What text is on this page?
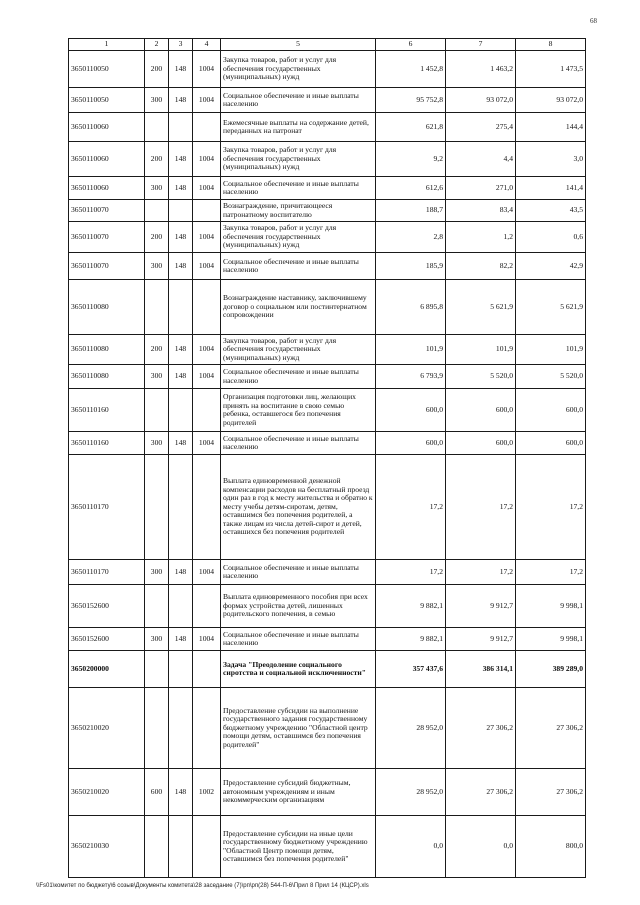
68
1	2	3	4	5	6	7	8
3650110050	200	148	1004	Закупка товаров, работ и услуг для обеспечения государственных (муниципальных) нужд	1 452,8	1 463,2	1 473,5
3650110050	300	148	1004	Социальное обеспечение и иные выплаты населению	95 752,8	93 072,0	93 072,0
3650110060				Ежемесячные выплаты на содержание детей, переданных на патронат	621,8	275,4	144,4
3650110060	200	148	1004	Закупка товаров, работ и услуг для обеспечения государственных (муниципальных) нужд	9,2	4,4	3,0
3650110060	300	148	1004	Социальное обеспечение и иные выплаты населению	612,6	271,0	141,4
3650110070				Вознаграждение, причитающееся патронатному воспитателю	188,7	83,4	43,5
3650110070	200	148	1004	Закупка товаров, работ и услуг для обеспечения государственных (муниципальных) нужд	2,8	1,2	0,6
3650110070	300	148	1004	Социальное обеспечение и иные выплаты населению	185,9	82,2	42,9
3650110080				Вознаграждение наставнику, заключившему договор о социальном или постинтернатном сопровождении	6 895,8	5 621,9	5 621,9
3650110080	200	148	1004	Закупка товаров, работ и услуг для обеспечения государственных (муниципальных) нужд	101,9	101,9	101,9
3650110080	300	148	1004	Социальное обеспечение и иные выплаты населению	6 793,9	5 520,0	5 520,0
3650110160				Организация подготовки лиц, желающих принять на воспитание в свою семью ребенка, оставшегося без попечения родителей	600,0	600,0	600,0
3650110160	300	148	1004	Социальное обеспечение и иные выплаты населению	600,0	600,0	600,0
3650110170				Выплата единовременной денежной компенсации расходов на бесплатный проезд один раз в год к месту жительства и обратно к месту учебы детям-сиротам, детям, оставшимся без попечения родителей, а также лицам из числа детей-сирот и детей, оставшихся без попечения родителей	17,2	17,2	17,2
3650110170	300	148	1004	Социальное обеспечение и иные выплаты населению	17,2	17,2	17,2
3650152600				Выплата единовременного пособия при всех формах устройства детей, лишенных родительского попечения, в семью	9 882,1	9 912,7	9 998,1
3650152600	300	148	1004	Социальное обеспечение и иные выплаты населению	9 882,1	9 912,7	9 998,1
3650200000				Задача "Преодоление социального сиротства и социальной исключенности"	357 437,6	386 314,1	389 289,0
3650210020				Предоставление субсидии на выполнение государственного задания государственному бюджетному учреждению "Областной центр помощи детям, оставшимся без попечения родителей"	28 952,0	27 306,2	27 306,2
3650210020	600	148	1002	Предоставление субсидий бюджетным, автономным учреждениям и иным некоммерческим организациям	28 952,0	27 306,2	27 306,2
3650210030				Предоставление субсидии на иные цели государственному бюджетному учреждению "Областной Центр помощи детям, оставшимся без попечения родителей"	0,0	0,0	800,0
\\Fs01\комитет по бюджету\6 созыв\Документы комитета\28 заседание (7)\рп\рп(28) 544-П-6\Прил 8 Прил 14 (КЦСР).xls
